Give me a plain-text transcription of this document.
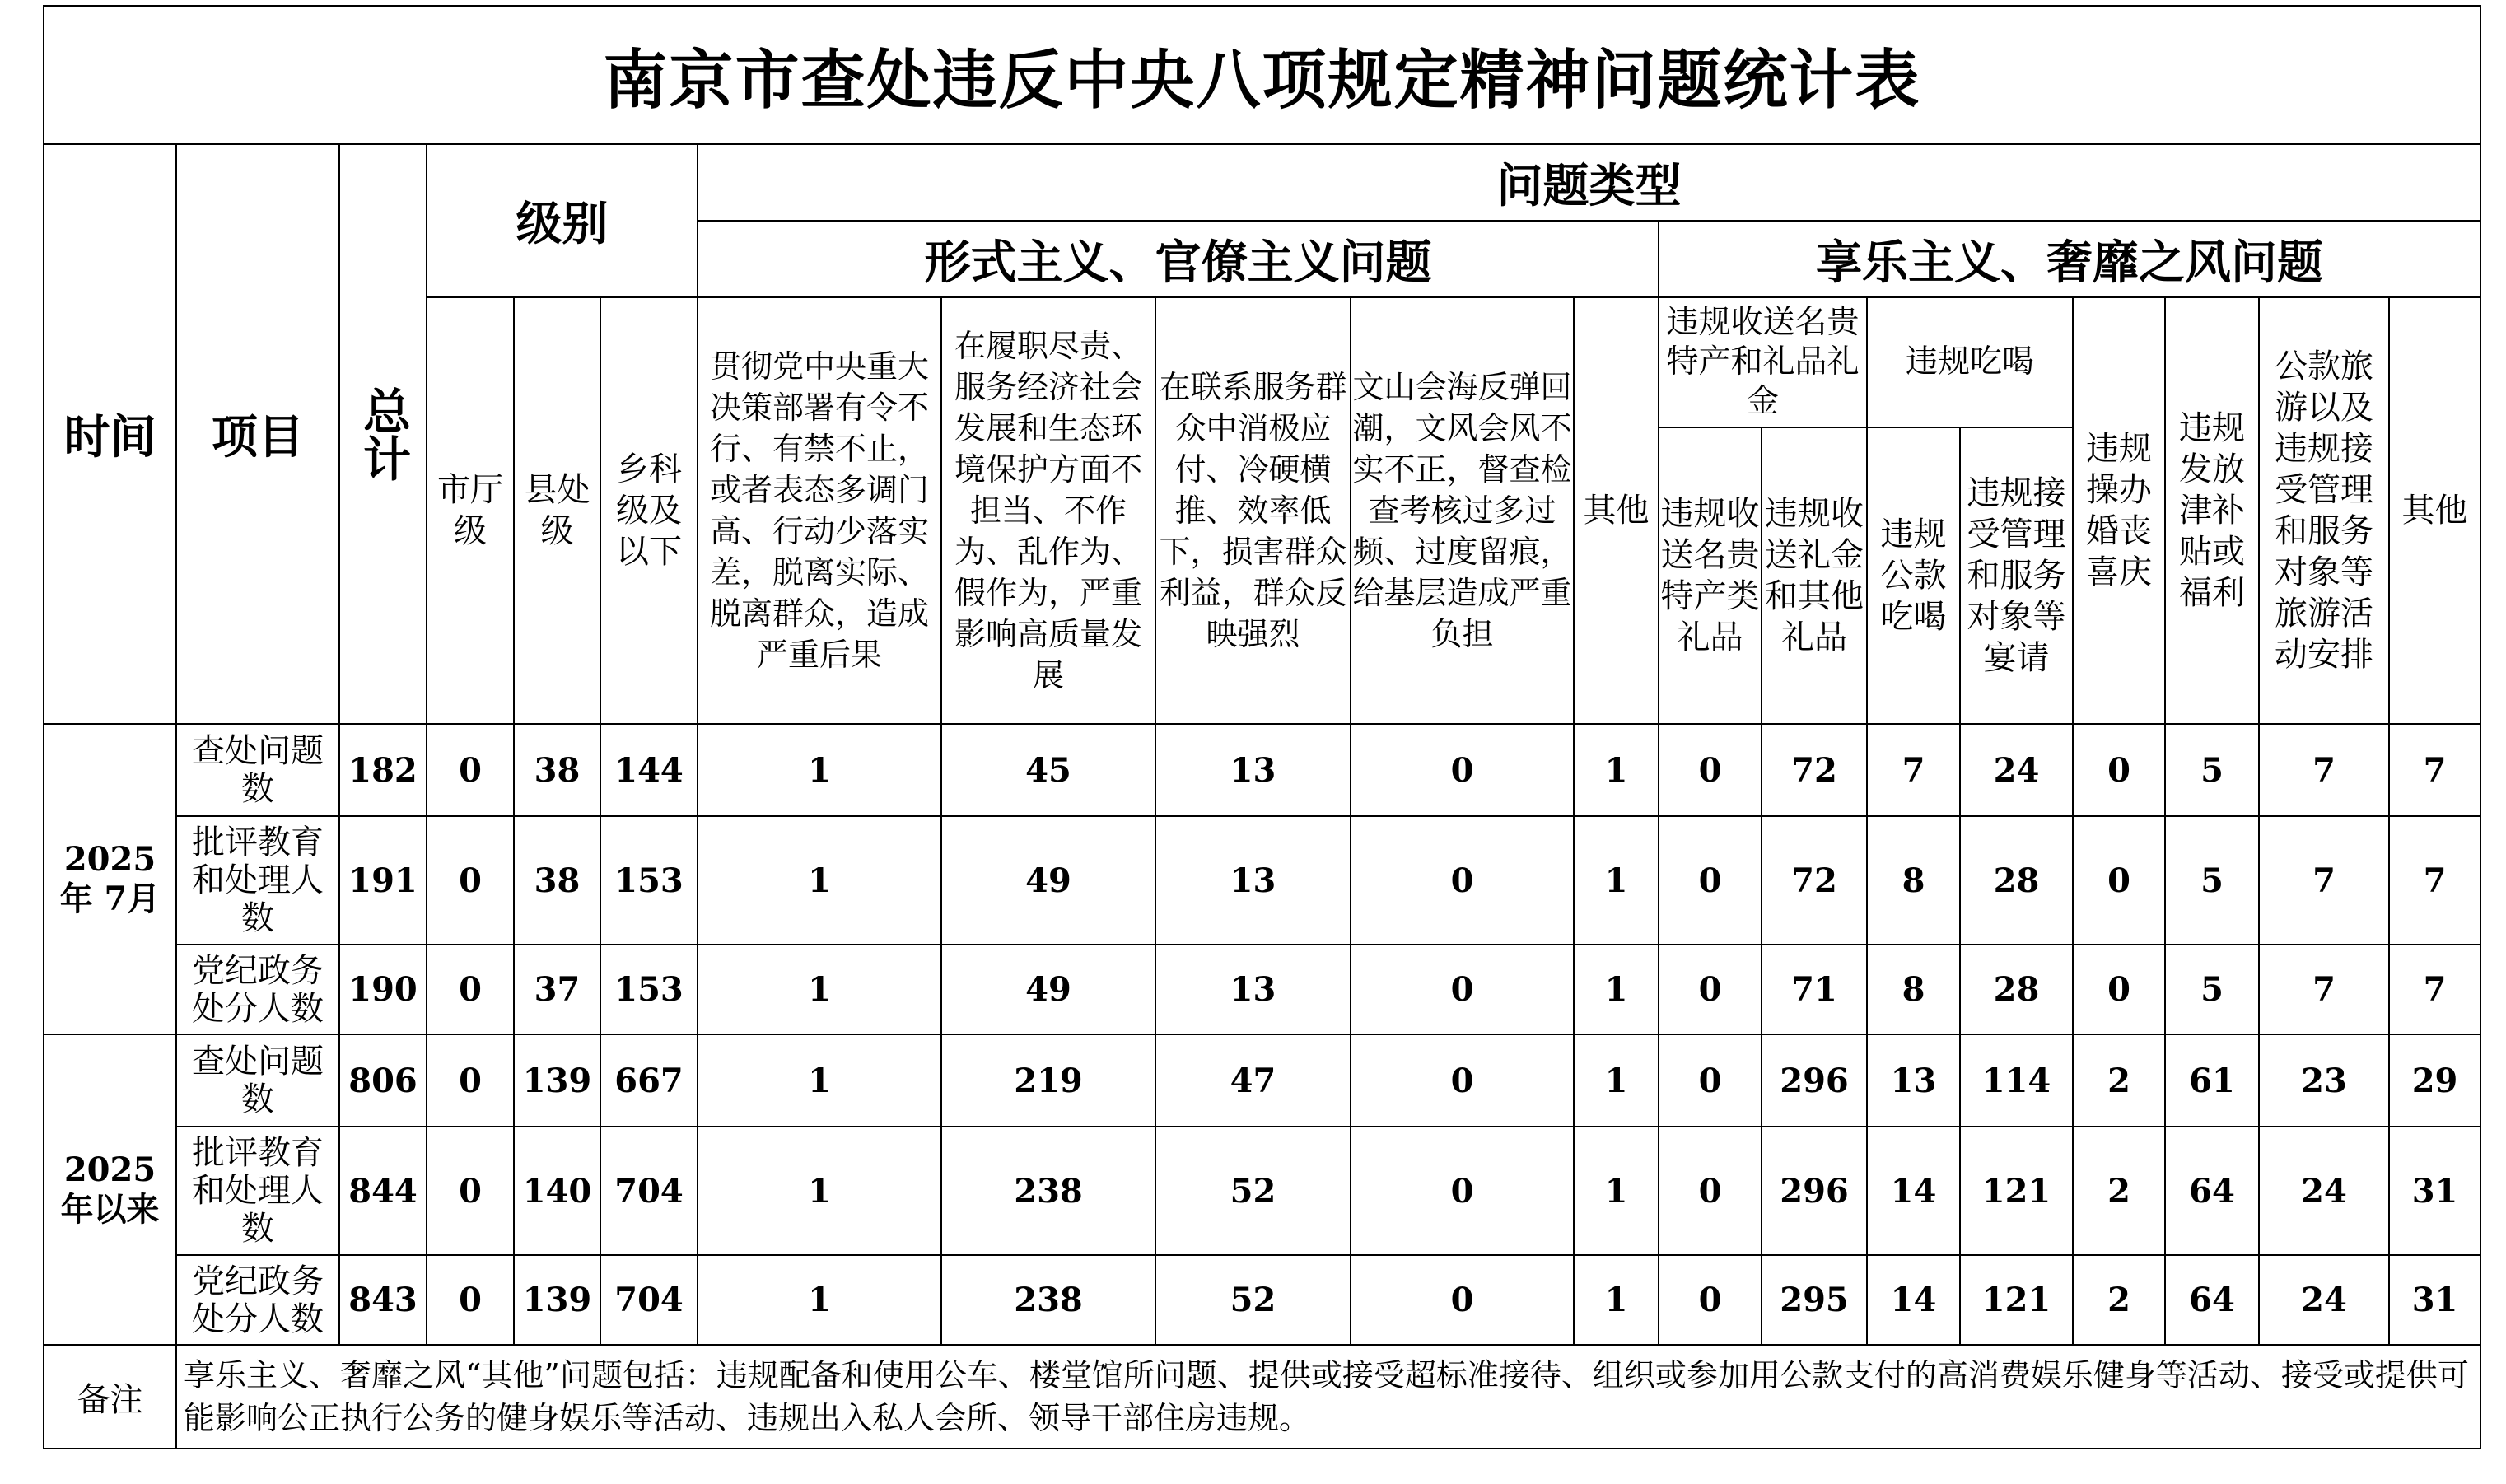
南京市查处违反中央八项规定精神问题统计表																		
时间	项目	总计	级别			问题类型												
						形式主义、官僚主义问题					享乐主义、奢靡之风问题							
			市厅级	县处级	乡科级及以下	贯彻党中央重大决策部署有令不行、有禁不止，或者表态多调门高、行动少落实差，脱离实际、脱离群众，造成严重后果	在履职尽责、服务经济社会发展和生态环境保护方面不担当、不作为、乱作为、假作为，严重影响高质量发展	在联系服务群众中消极应付、冷硬横推、效率低下，损害群众利益，群众反映强烈	文山会海反弹回潮，文风会风不实不正，督查检查考核过多过频、过度留痕，给基层造成严重负担	其他	违规收送名贵特产和礼品礼金		违规吃喝		违规操办婚丧喜庆	违规发放津补贴或福利	公款旅游以及违规接受管理和服务对象等旅游活动安排	其他
											违规收送名贵特产类礼品	违规收送礼金和其他礼品	违规公款吃喝	违规接受管理和服务对象等宴请				
2025 年 7月	查处问题数	182	0	38	144	1	45	13	0	1	0	72	7	24	0	5	7	7
	批评教育和处理人数	191	0	38	153	1	49	13	0	1	0	72	8	28	0	5	7	7
	党纪政务处分人数	190	0	37	153	1	49	13	0	1	0	71	8	28	0	5	7	7
2025 年以来	查处问题数	806	0	139	667	1	219	47	0	1	0	296	13	114	2	61	23	29
	批评教育和处理人数	844	0	140	704	1	238	52	0	1	0	296	14	121	2	64	24	31
	党纪政务处分人数	843	0	139	704	1	238	52	0	1	0	295	14	121	2	64	24	31
备注	享乐主义、奢靡之风“其他”问题包括：违规配备和使用公车、楼堂馆所问题、提供或接受超标准接待、组织或参加用公款支付的高消费娱乐健身等活动、接受或提供可能影响公正执行公务的健身娱乐等活动、违规出入私人会所、领导干部住房违规。																	
